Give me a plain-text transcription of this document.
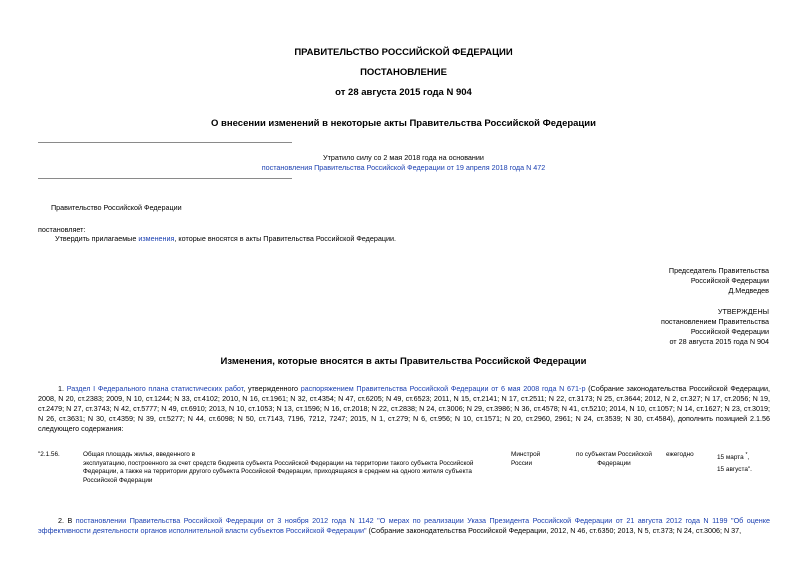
ПРАВИТЕЛЬСТВО РОССИЙСКОЙ ФЕДЕРАЦИИ
ПОСТАНОВЛЕНИЕ
от 28 августа 2015 года N 904
О внесении изменений в некоторые акты Правительства Российской Федерации
Утратило силу со 2 мая 2018 года на основании
постановления Правительства Российской Федерации от 19 апреля 2018 года N 472
Правительство Российской Федерации
постановляет:
Утвердить прилагаемые изменения, которые вносятся в акты Правительства Российской Федерации.
Председатель Правительства
Российской Федерации
Д.Медведев
УТВЕРЖДЕНЫ
постановлением Правительства
Российской Федерации
от 28 августа 2015 года N 904
Изменения, которые вносятся в акты Правительства Российской Федерации
1. Раздел I Федерального плана статистических работ, утвержденного распоряжением Правительства Российской Федерации от 6 мая 2008 года N 671-р (Собрание законодательства Российской Федерации, 2008, N 20, ст.2383; 2009, N 10, ст.1244; N 33, ст.4102; 2010, N 16, ст.1961; N 32, ст.4354; N 47, ст.6205; N 49, ст.6523; 2011, N 15, ст.2141; N 17, ст.2511; N 22, ст.3173; N 25, ст.3644; 2012, N 2, ст.327; N 17, ст.2056; N 19, ст.2479; N 27, ст.3743; N 42, ст.5777; N 49, ст.6910; 2013, N 10, ст.1053; N 13, ст.1596; N 16, ст.2018; N 22, ст.2838; N 24, ст.3006; N 29, ст.3986; N 36, ст.4578; N 41, ст.5210; 2014, N 10, ст.1057; N 14, ст.1627; N 23, ст.3019; N 26, ст.3631; N 30, ст.4359; N 39, ст.5277; N 44, ст.6098; N 50, ст.7143, 7196, 7212, 7247; 2015, N 1, ст.279; N 6, ст.956; N 10, ст.1571; N 20, ст.2960, 2961; N 24, ст.3539; N 30, ст.4584), дополнить позицией 2.1.56 следующего содержания:
"2.1.56.	Общая площадь жилья, введенного в
эксплуатацию, построенного за счет средств бюджета субъекта Российской Федерации на территории такого субъекта Российской Федерации, а также на территории другого субъекта Российской Федерации, приходящаяся в среднем на одного жителя субъекта Российской Федерации
Минстрой
России
по субъектам Российской
Федерации
ежегодно	15 марта *,
15 августа".
2. В постановлении Правительства Российской Федерации от 3 ноября 2012 года N 1142 "О мерах по реализации Указа Президента Российской Федерации от 21 августа 2012 года N 1199 "Об оценке эффективности деятельности органов исполнительной власти субъектов Российской Федерации" (Собрание законодательства Российской Федерации, 2012, N 46, ст.6350; 2013, N 5, ст.373; N 24, ст.3006; N 37,
